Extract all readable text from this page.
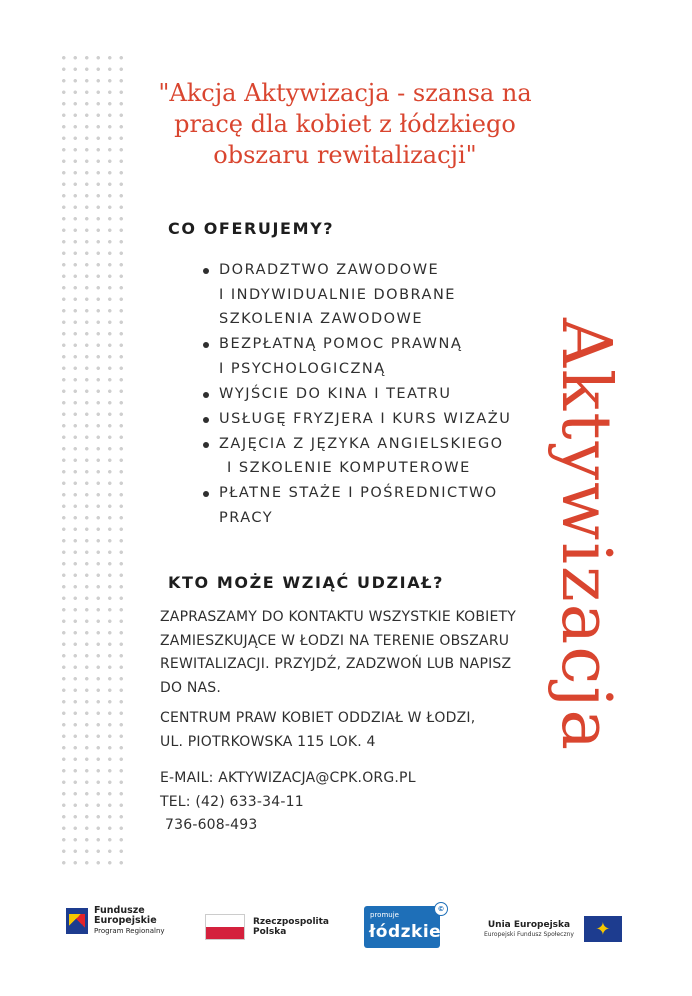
"Akcja Aktywizacja - szansa na
pracę dla kobiet z łódzkiego
obszaru rewitalizacji"
CO OFERUJEMY?
DORADZTWO ZAWODOWE
I INDYWIDUALNIE DOBRANE
SZKOLENIA ZAWODOWE
BEZPŁATNĄ POMOC PRAWNĄ
I PSYCHOLOGICZNĄ
WYJŚCIE DO KINA I TEATRU
USŁUGĘ FRYZJERA I KURS WIZAŻU
ZAJĘCIA Z JĘZYKA ANGIELSKIEGO
I SZKOLENIE KOMPUTEROWE
PŁATNE STAŻE I POŚREDNICTWO
PRACY
KTO MOŻE WZIĄĆ UDZIAŁ?

ZAPRASZAMY DO KONTAKTU WSZYSTKIE KOBIETY
ZAMIESZKUJĄCE W ŁODZI NA TERENIE OBSZARU
REWITALIZACJI. PRZYJDŹ, ZADZWOŃ LUB NAPISZ
DO NAS.

CENTRUM PRAW KOBIET ODDZIAŁ W ŁODZI,
UL. PIOTRKOWSKA 115 LOK. 4

E-MAIL: AKTYWIZACJA@CPK.ORG.PL
TEL: (42) 633-34-11
736-608-493

Aktywizacja
Fundusze
Europejskie
Program Regionalny
Rzeczpospolita
Polska
promuje
łódzkie
©
Unia Europejska
Europejski Fundusz Społeczny ✦
